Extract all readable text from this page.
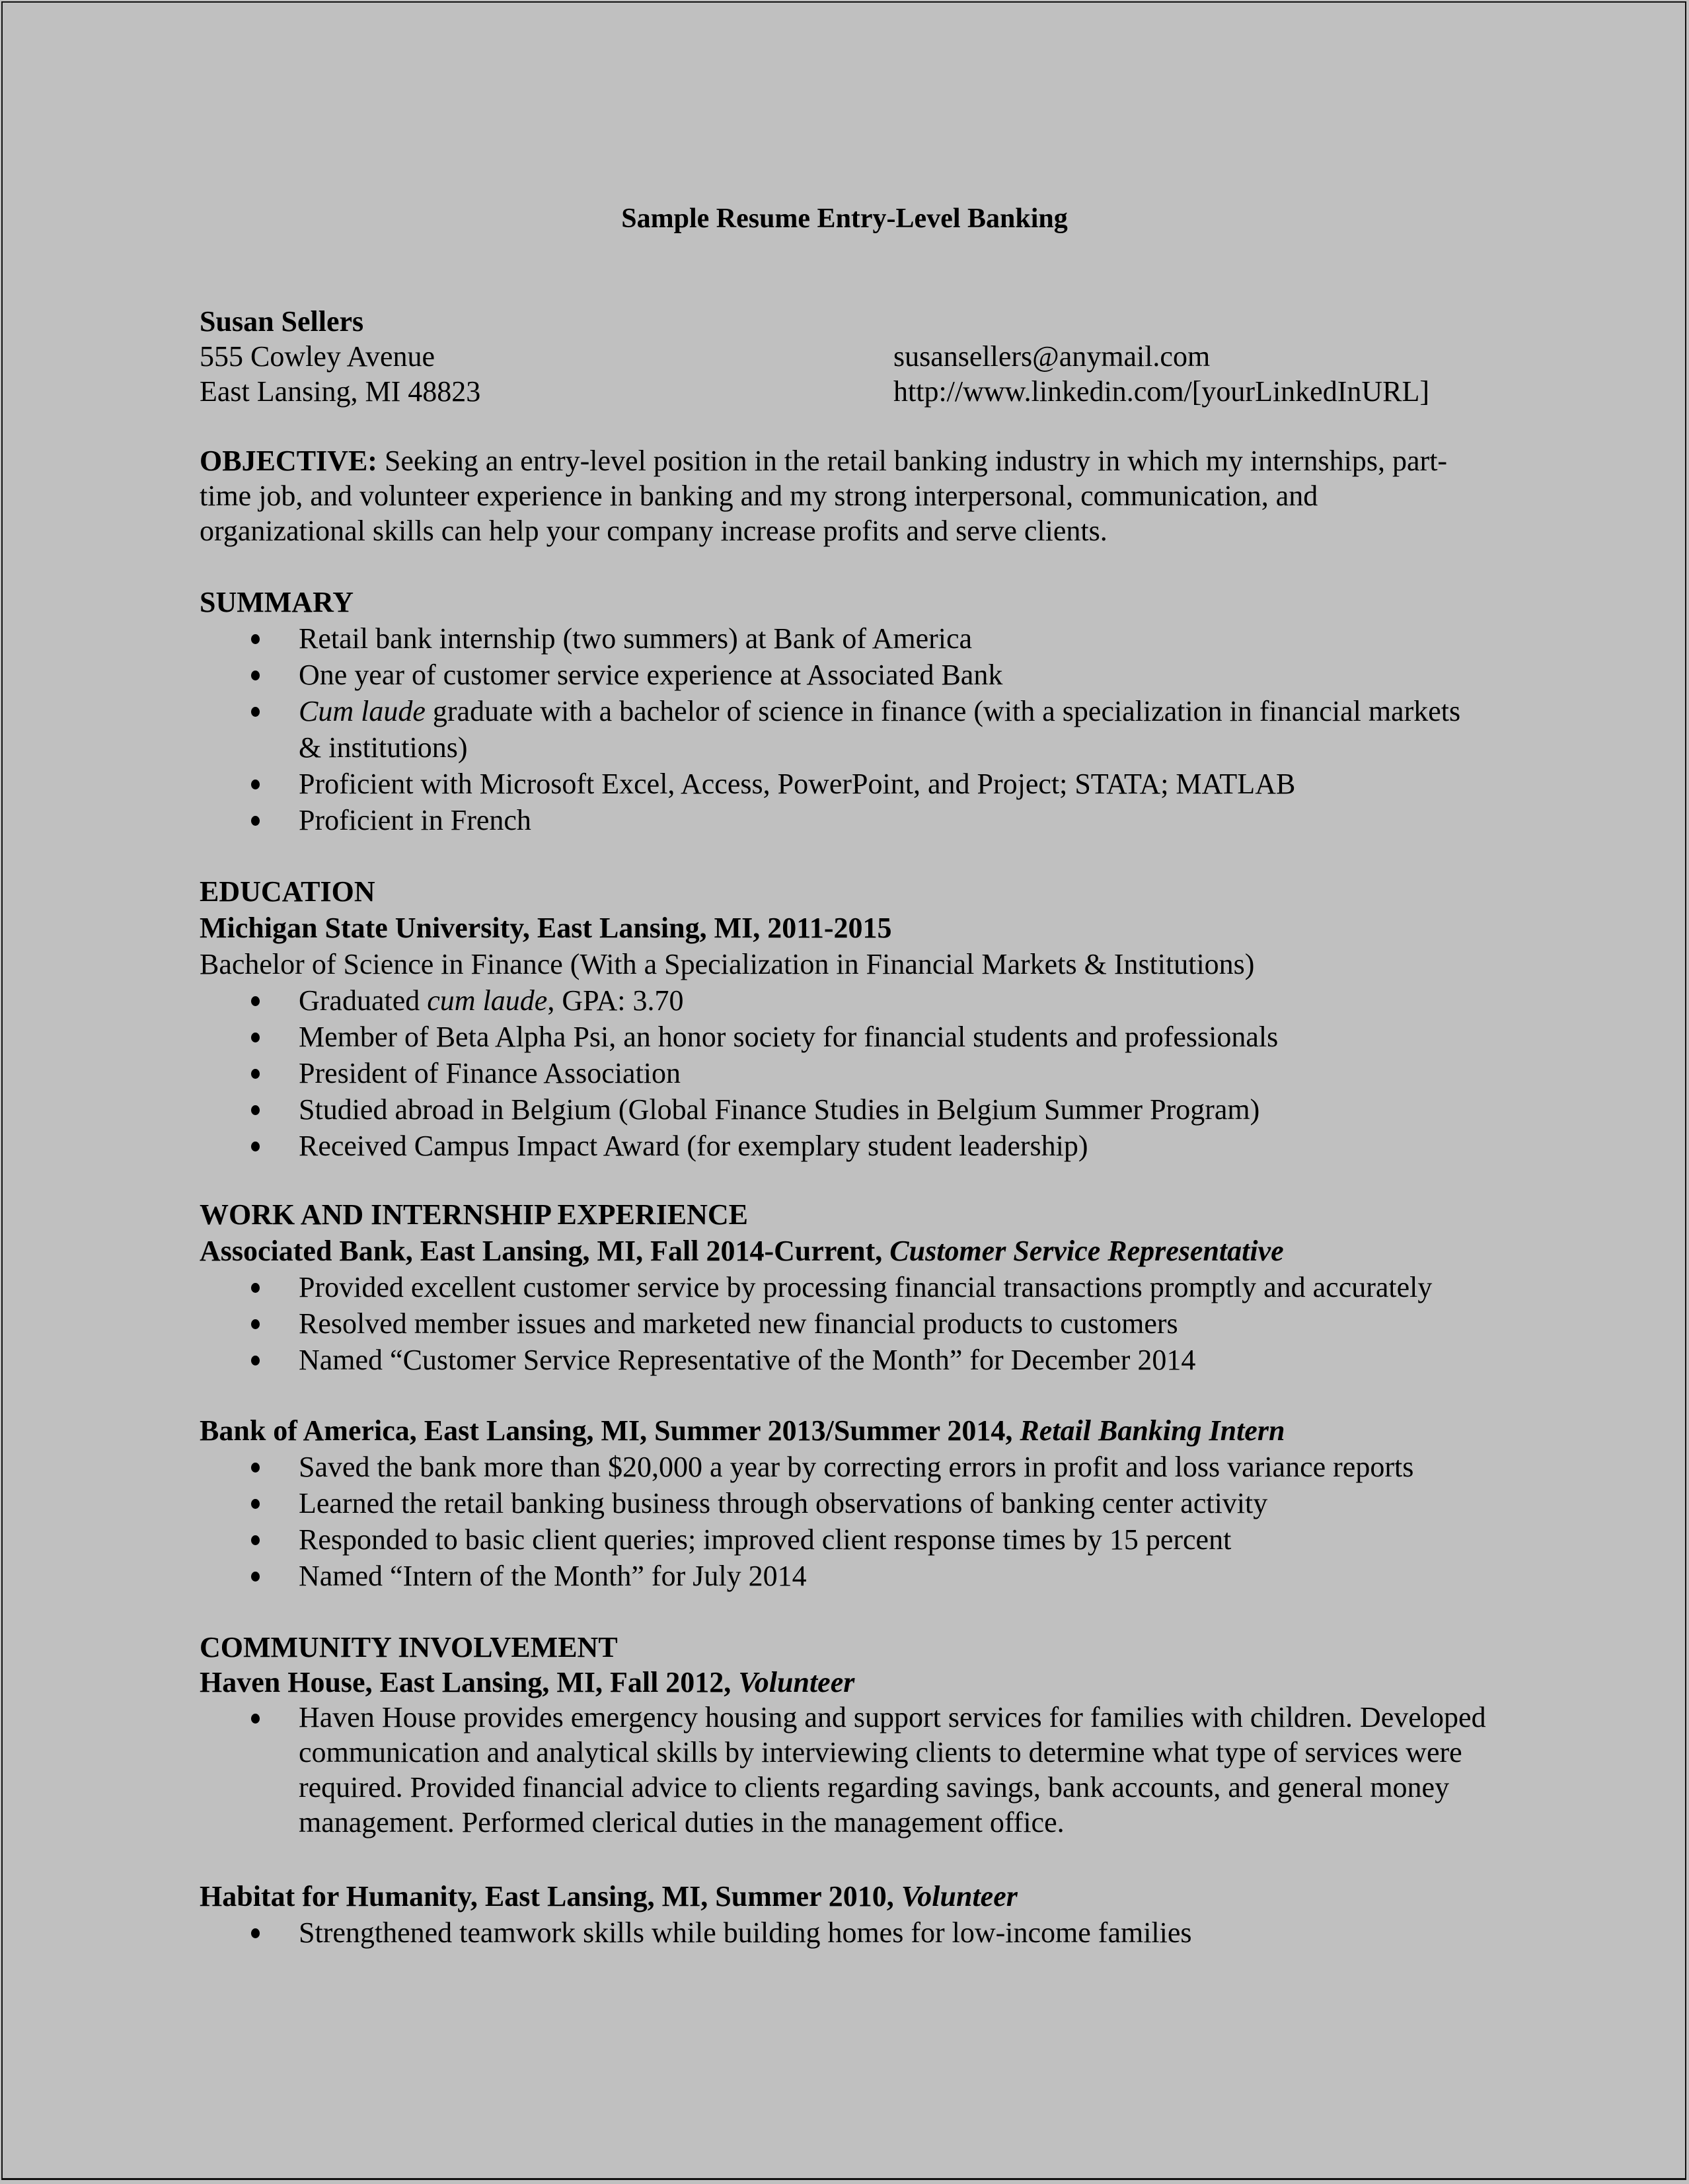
Sample Resume Entry-Level Banking
Susan Sellers
555 Cowley Avenue	susansellers@anymail.com
East Lansing, MI 48823	http://www.linkedin.com/[yourLinkedInURL]
OBJECTIVE: Seeking an entry-level position in the retail banking industry in which my internships, part-time job, and volunteer experience in banking and my strong interpersonal, communication, and organizational skills can help your company increase profits and serve clients.
SUMMARY
Retail bank internship (two summers) at Bank of America
One year of customer service experience at Associated Bank
Cum laude graduate with a bachelor of science in finance (with a specialization in financial markets & institutions)
Proficient with Microsoft Excel, Access, PowerPoint, and Project; STATA; MATLAB
Proficient in French
EDUCATION
Michigan State University, East Lansing, MI, 2011-2015
Bachelor of Science in Finance (With a Specialization in Financial Markets & Institutions)
Graduated cum laude, GPA: 3.70
Member of Beta Alpha Psi, an honor society for financial students and professionals
President of Finance Association
Studied abroad in Belgium (Global Finance Studies in Belgium Summer Program)
Received Campus Impact Award (for exemplary student leadership)
WORK AND INTERNSHIP EXPERIENCE
Associated Bank, East Lansing, MI, Fall 2014-Current, Customer Service Representative
Provided excellent customer service by processing financial transactions promptly and accurately
Resolved member issues and marketed new financial products to customers
Named “Customer Service Representative of the Month” for December 2014
Bank of America, East Lansing, MI, Summer 2013/Summer 2014, Retail Banking Intern
Saved the bank more than $20,000 a year by correcting errors in profit and loss variance reports
Learned the retail banking business through observations of banking center activity
Responded to basic client queries; improved client response times by 15 percent
Named “Intern of the Month” for July 2014
COMMUNITY INVOLVEMENT
Haven House, East Lansing, MI, Fall 2012, Volunteer
Haven House provides emergency housing and support services for families with children. Developed communication and analytical skills by interviewing clients to determine what type of services were required. Provided financial advice to clients regarding savings, bank accounts, and general money management. Performed clerical duties in the management office.
Habitat for Humanity, East Lansing, MI, Summer 2010, Volunteer
Strengthened teamwork skills while building homes for low-income families
